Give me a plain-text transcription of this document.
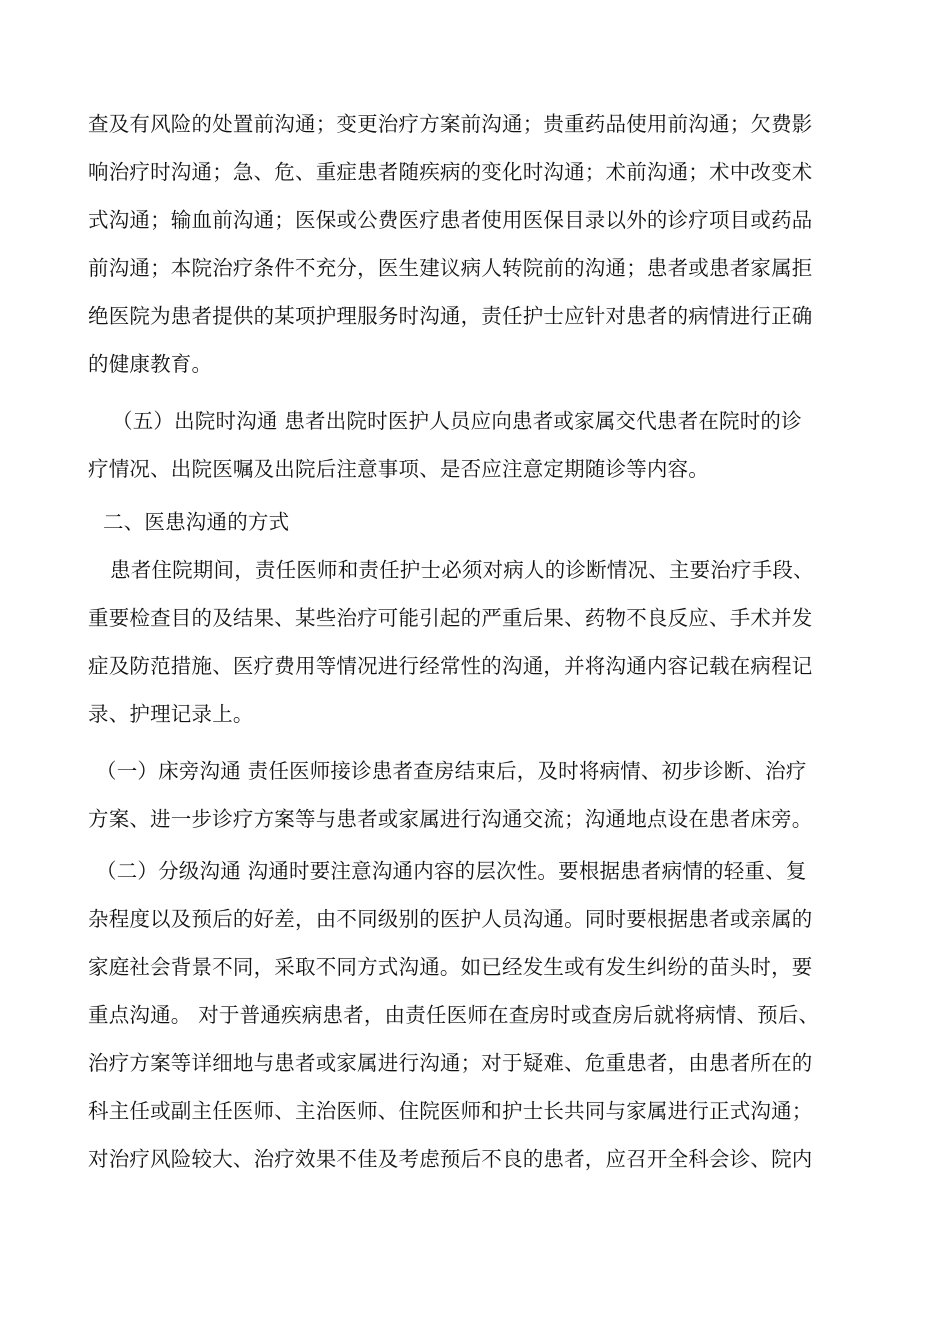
查及有风险的处置前沟通；变更治疗方案前沟通；贵重药品使用前沟通；欠费影
响治疗时沟通；急、危、重症患者随疾病的变化时沟通；术前沟通；术中改变术
式沟通；输血前沟通；医保或公费医疗患者使用医保目录以外的诊疗项目或药品
前沟通；本院治疗条件不充分，医生建议病人转院前的沟通；患者或患者家属拒
绝医院为患者提供的某项护理服务时沟通，责任护士应针对患者的病情进行正确
的健康教育。
（五）出院时沟通 患者出院时医护人员应向患者或家属交代患者在院时的诊
疗情况、出院医嘱及出院后注意事项、是否应注意定期随诊等内容。
二、医患沟通的方式
患者住院期间，责任医师和责任护士必须对病人的诊断情况、主要治疗手段、
重要检查目的及结果、某些治疗可能引起的严重后果、药物不良反应、手术并发
症及防范措施、医疗费用等情况进行经常性的沟通，并将沟通内容记载在病程记
录、护理记录上。
（一）床旁沟通 责任医师接诊患者查房结束后，及时将病情、初步诊断、治疗
方案、进一步诊疗方案等与患者或家属进行沟通交流；沟通地点设在患者床旁。
（二）分级沟通 沟通时要注意沟通内容的层次性。要根据患者病情的轻重、复
杂程度以及预后的好差，由不同级别的医护人员沟通。同时要根据患者或亲属的
家庭社会背景不同，采取不同方式沟通。如已经发生或有发生纠纷的苗头时，要
重点沟通。 对于普通疾病患者，由责任医师在查房时或查房后就将病情、预后、
治疗方案等详细地与患者或家属进行沟通；对于疑难、危重患者，由患者所在的
科主任或副主任医师、主治医师、住院医师和护士长共同与家属进行正式沟通；
对治疗风险较大、治疗效果不佳及考虑预后不良的患者，应召开全科会诊、院内
